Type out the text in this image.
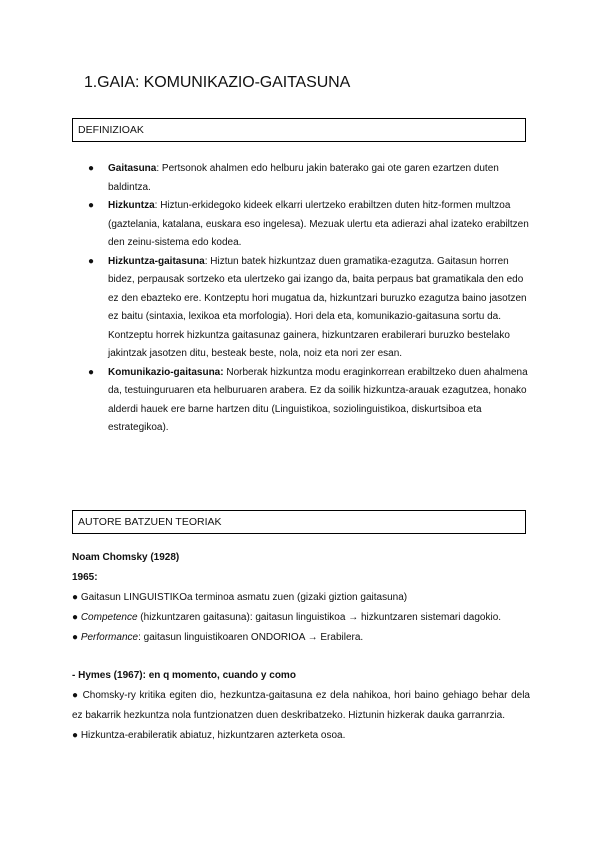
1.GAIA: KOMUNIKAZIO-GAITASUNA
DEFINIZIOAK
● Gaitasuna: Pertsonok ahalmen edo helburu jakin baterako gai ote garen ezartzen duten baldintza.
● Hizkuntza: Hiztun-erkidegoko kideek elkarri ulertzeko erabiltzen duten hitz-formen multzoa (gaztelania, katalana, euskara eso ingelesa). Mezuak ulertu eta adierazi ahal izateko erabiltzen den zeinu-sistema edo kodea.
● Hizkuntza-gaitasuna: Hiztun batek hizkuntzaz duen gramatika-ezagutza. Gaitasun horren bidez, perpausak sortzeko eta ulertzeko gai izango da, baita perpaus bat gramatikala den edo ez den ebazteko ere. Kontzeptu hori mugatua da, hizkuntzari buruzko ezagutza baino jasotzen ez baitu (sintaxia, lexikoa eta morfologia). Hori dela eta, komunikazio-gaitasuna sortu da. Kontzeptu horrek hizkuntza gaitasunaz gainera, hizkuntzaren erabilerari buruzko bestelako jakintzak jasotzen ditu, besteak beste, nola, noiz eta nori zer esan.
● Komunikazio-gaitasuna: Norberak hizkuntza modu eraginkorrean erabiltzeko duen ahalmena da, testuinguruaren eta helburuaren arabera. Ez da soilik hizkuntza-arauak ezagutzea, honako alderdi hauek ere barne hartzen ditu (Linguistikoa, soziolinguistikoa, diskurtsiboa eta estrategikoa).
AUTORE BATZUEN TEORIAK

Noam Chomsky (1928)

1965:

● Gaitasun LINGUISTIKOa terminoa asmatu zuen (gizaki giztion gaitasuna)

● Competence (hizkuntzaren gaitasuna): gaitasun linguistikoa → hizkuntzaren sistemari dagokio.

● Performance: gaitasun linguistikoaren ONDORIOA → Erabilera.

- Hymes (1967): en q momento, cuando y como

● Chomsky-ry kritika egiten dio, hezkuntza-gaitasuna ez dela nahikoa, hori baino gehiago behar dela ez bakarrik hezkuntza nola funtzionatzen duen deskribatzeko. Hiztunin hizkerak dauka garranrzia.

● Hizkuntza-erabileratik abiatuz, hizkuntzaren azterketa osoa.
